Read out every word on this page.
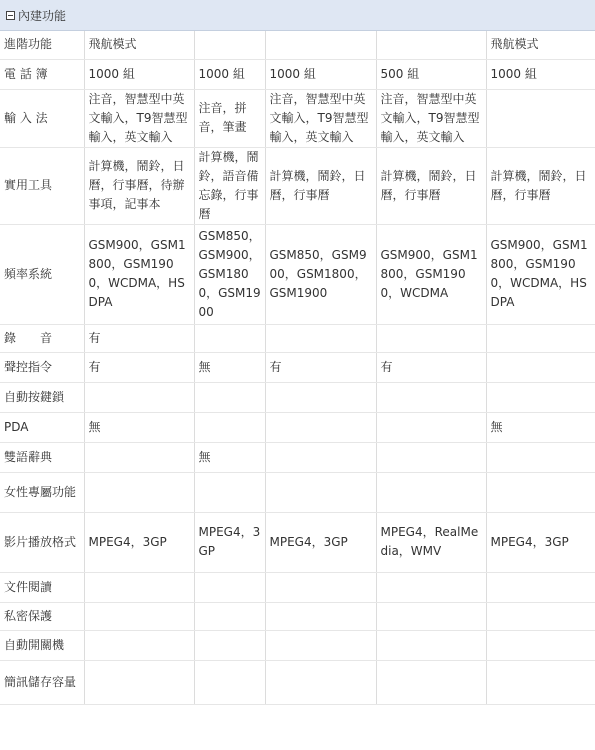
內建功能
進階功能	飛航模式				飛航模式
電 話 簿	1000 組	1000 組	1000 組	500 組	1000 組
輸 入 法	注音，智慧型中英文輸入，T9智慧型輸入，英文輸入	注音，拼音，筆畫	注音，智慧型中英文輸入，T9智慧型輸入，英文輸入	注音，智慧型中英文輸入，T9智慧型輸入，英文輸入	
實用工具	計算機，鬧鈴，日曆，行事曆，待辦事項，記事本	計算機，鬧鈴，語音備忘錄，行事曆	計算機，鬧鈴，日曆，行事曆	計算機，鬧鈴，日曆，行事曆	計算機，鬧鈴，日曆，行事曆
頻率系統	GSM900，GSM1800，GSM1900，WCDMA，HSDPA	GSM850，GSM900，GSM1800，GSM1900	GSM850，GSM900，GSM1800，GSM1900	GSM900，GSM1800，GSM1900，WCDMA	GSM900，GSM1800，GSM1900，WCDMA，HSDPA
錄　　音	有				
聲控指令	有	無	有	有	
自動按鍵鎖					
PDA	無				無
雙語辭典		無			
女性專屬功能					
影片播放格式	MPEG4，3GP	MPEG4，3GP	MPEG4，3GP	MPEG4，RealMedia，WMV	MPEG4，3GP
文件閱讀					
私密保護					
自動開關機					
簡訊儲存容量					
